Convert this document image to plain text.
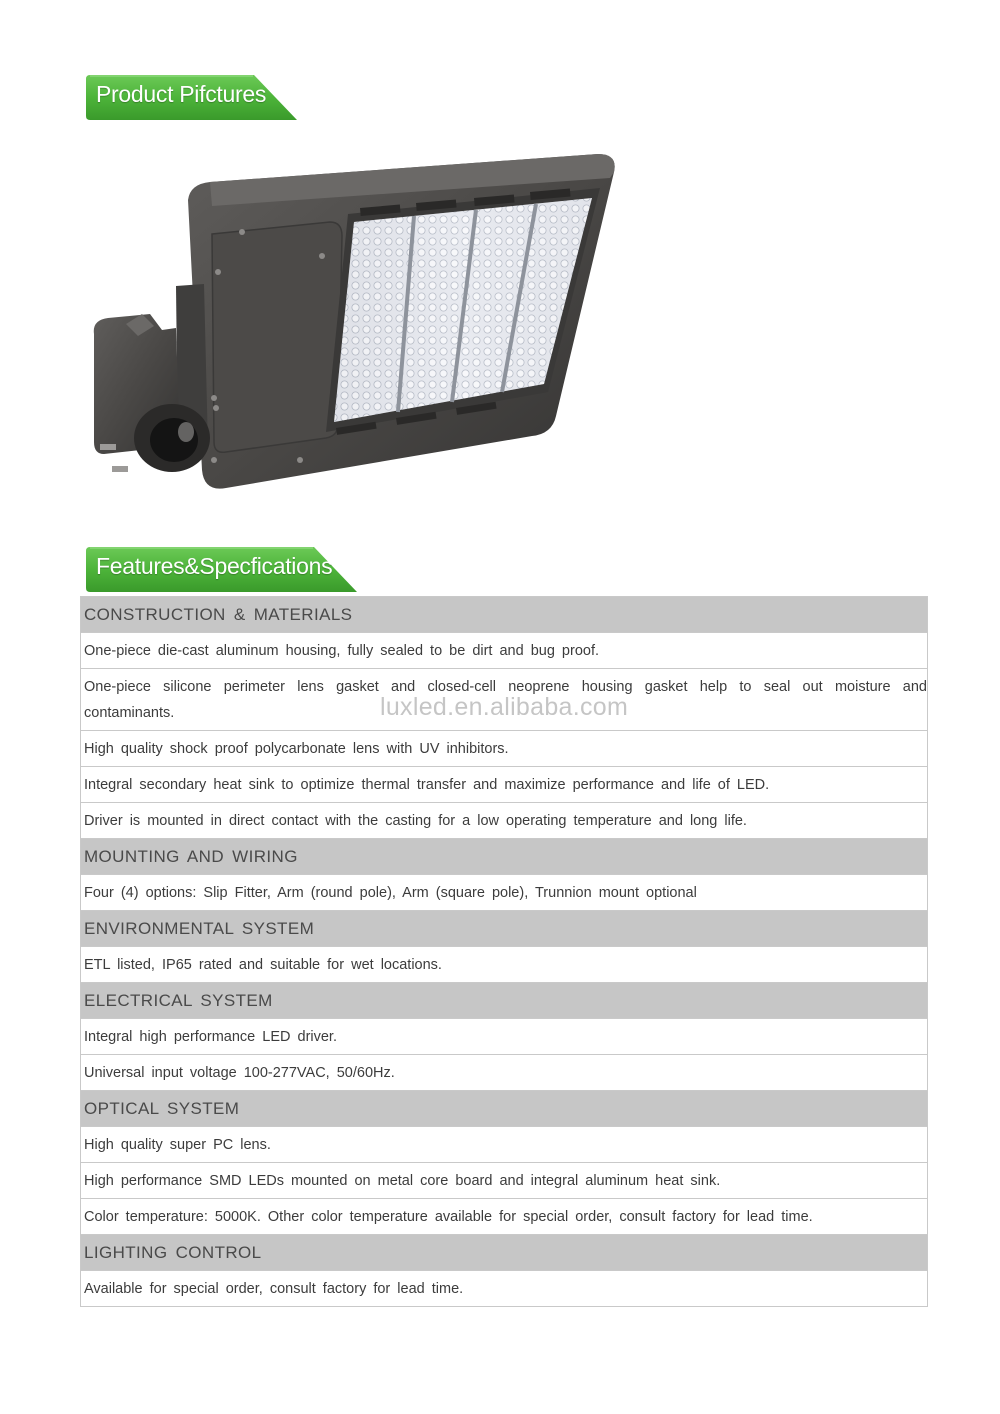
Product Pifctures
Features&Specfications
CONSTRUCTION & MATERIALS
One-piece die-cast aluminum housing, fully sealed to be dirt and bug proof.
One-piece silicone perimeter lens gasket and closed-cell neoprene housing gasket help to seal out moisture and contaminants.
High quality shock proof polycarbonate lens with UV inhibitors.
Integral secondary heat sink to optimize thermal transfer and maximize performance and life of LED.
Driver is mounted in direct contact with the casting for a low operating temperature and long life.
MOUNTING AND WIRING
Four (4) options: Slip Fitter, Arm (round pole), Arm (square pole), Trunnion mount optional
ENVIRONMENTAL SYSTEM
ETL listed, IP65 rated and suitable for wet locations.
ELECTRICAL SYSTEM
Integral high performance LED driver.
Universal input voltage 100-277VAC, 50/60Hz.
OPTICAL SYSTEM
High quality super PC lens.
High performance SMD LEDs mounted on metal core board and integral aluminum heat sink.
Color temperature: 5000K. Other color temperature available for special order, consult factory for lead time.
LIGHTING CONTROL
Available for special order, consult factory for lead time.
luxled.en.alibaba.com
